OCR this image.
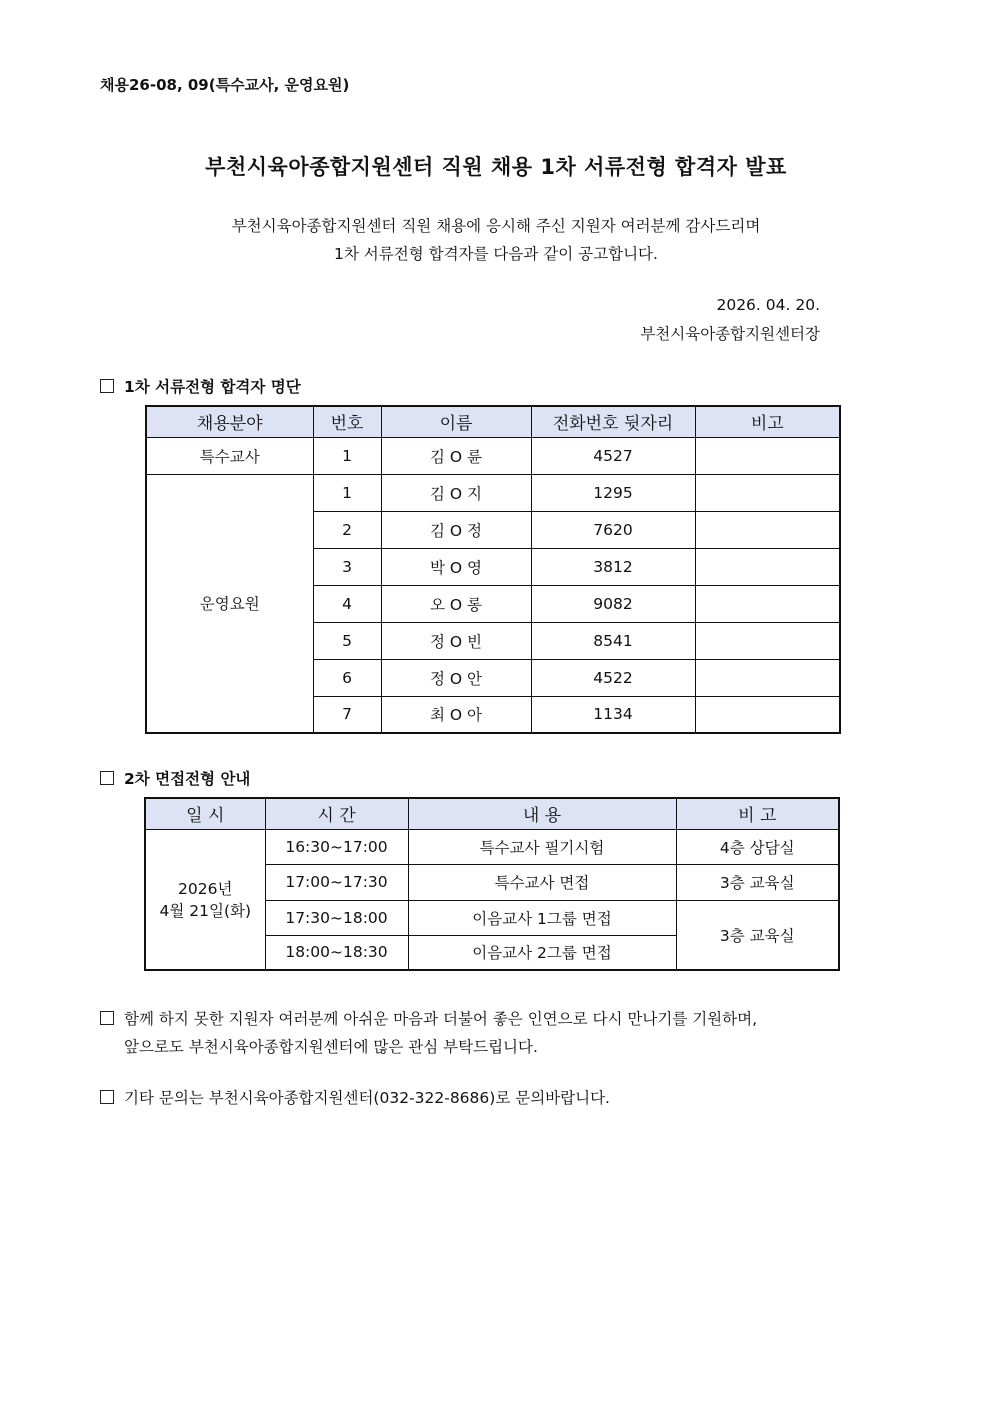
채용26-08, 09(특수교사, 운영요원)
부천시육아종합지원센터 직원 채용 1차 서류전형 합격자 발표
부천시육아종합지원센터 직원 채용에 응시해 주신 지원자 여러분께 감사드리며
1차 서류전형 합격자를 다음과 같이 공고합니다.
2026. 04. 20.
부천시육아종합지원센터장
1차 서류전형 합격자 명단
채용분야	번호	이름	전화번호 뒷자리	비고
특수교사	1	김 O 륜	4527	
운영요원	1	김 O 지	1295	
	2	김 O 정	7620	
	3	박 O 영	3812	
	4	오 O 롱	9082	
	5	정 O 빈	8541	
	6	정 O 안	4522	
	7	최 O 아	1134	
2차 면접전형 안내
일 시	시 간	내 용	비 고

2026년
4월 21일(화)	16:30~17:00	특수교사 필기시험	4층 상담실
	17:00~17:30	특수교사 면접	3층 교육실
	17:30~18:00	이음교사 1그룹 면접	3층 교육실
	18:00~18:30	이음교사 2그룹 면접	
함께 하지 못한 지원자 여러분께 아쉬운 마음과 더불어 좋은 인연으로 다시 만나기를 기원하며,
앞으로도 부천시육아종합지원센터에 많은 관심 부탁드립니다.
기타 문의는 부천시육아종합지원센터(032-322-8686)로 문의바랍니다.
